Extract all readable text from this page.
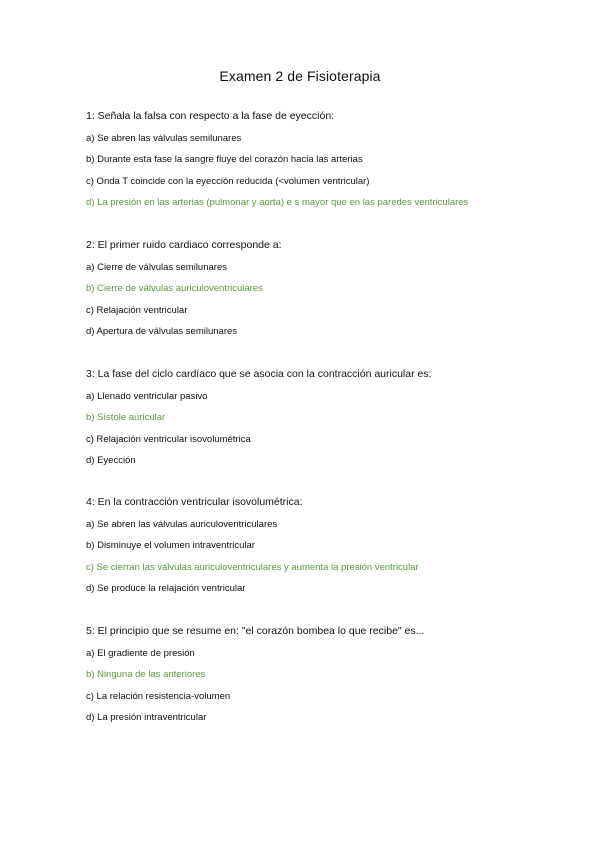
Examen 2 de Fisioterapia
1: Señala la falsa con respecto a la fase de eyección:
a) Se abren las válvulas semilunares
b) Durante esta fase la sangre fluye del corazón hacia las arterias
c) Onda T coincide con la eyección reducida (<volumen ventricular)
d) La presión en las arterias (pulmonar y aorta) e s mayor que en las paredes ventriculares
2: El primer ruido cardiaco corresponde a:
a) Cierre de válvulas semilunares
b) Cierre de válvulas auriculoventriculares
c) Relajación ventricular
d) Apertura de válvulas semilunares
3: La fase del ciclo cardíaco que se asocia con la contracción auricular es:
a) Llenado ventricular pasivo
b) Sístole auricular
c) Relajación ventricular isovolumétrica
d) Eyección
4: En la contracción ventricular isovolumétrica:
a) Se abren las válvulas auriculoventriculares
b) Disminuye el volumen intraventricular
c) Se cierran las válvulas auriculoventriculares y aumenta la presión ventricular
d) Se produce la relajación ventricular
5: El principio que se resume en: "el corazón bombea lo que recibe" es...
a) El gradiente de presión
b) Ninguna de las anteriores
c) La relación resistencia-volumen
d) La presión intraventricular
